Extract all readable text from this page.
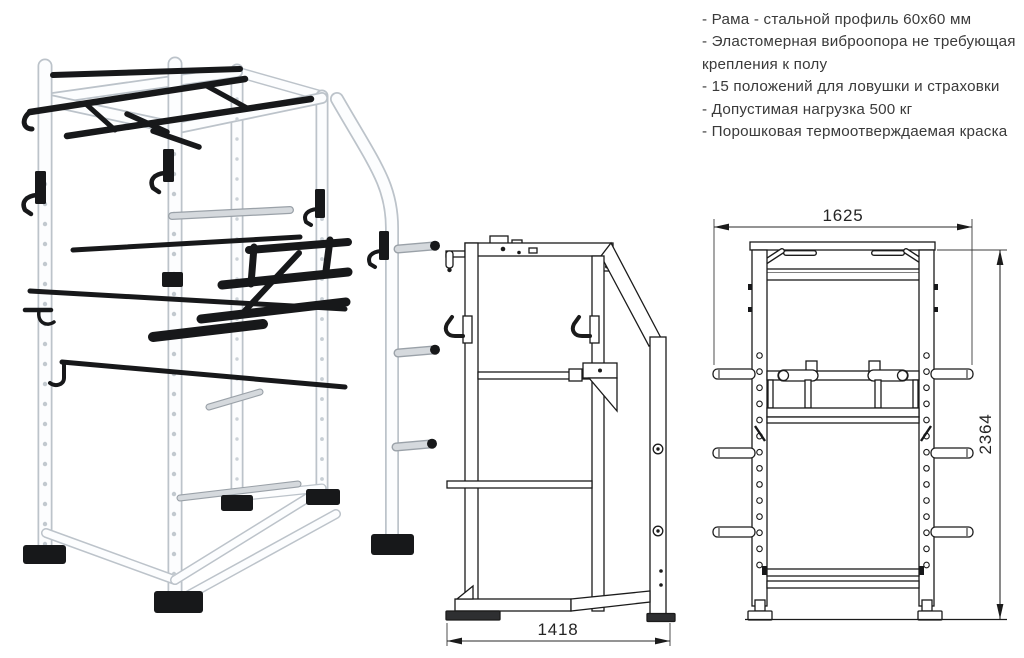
- Рама - стальной профиль 60x60 мм
- Эластомерная виброопора не требующая крепления к полу
- 15 положений для ловушки и страховки
- Допустимая нагрузка 500 кг
- Порошковая термоотверждаемая краска
1418
1625
2364
